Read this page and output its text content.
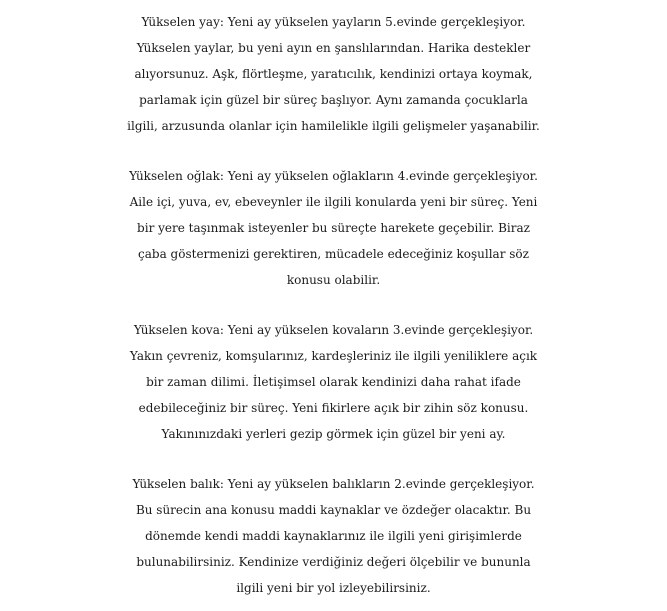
Yükselen yay: Yeni ay yükselen yayların 5.evinde gerçekleşiyor.
Yükselen yaylar, bu yeni ayın en şanslılarından. Harika destekler
alıyorsunuz. Aşk, flörtleşme, yaratıcılık, kendinizi ortaya koymak,
parlamak için güzel bir süreç başlıyor. Aynı zamanda çocuklarla
ilgili, arzusunda olanlar için hamilelikle ilgili gelişmeler yaşanabilir.

Yükselen oğlak: Yeni ay yükselen oğlakların 4.evinde gerçekleşiyor.
Aile içi, yuva, ev, ebeveynler ile ilgili konularda yeni bir süreç. Yeni
bir yere taşınmak isteyenler bu süreçte harekete geçebilir. Biraz
çaba göstermenizi gerektiren, mücadele edeceğiniz koşullar söz
konusu olabilir.

Yükselen kova: Yeni ay yükselen kovaların 3.evinde gerçekleşiyor.
Yakın çevreniz, komşularınız, kardeşleriniz ile ilgili yeniliklere açık
bir zaman dilimi. İletişimsel olarak kendinizi daha rahat ifade
edebileceğiniz bir süreç. Yeni fikirlere açık bir zihin söz konusu.
Yakınınızdaki yerleri gezip görmek için güzel bir yeni ay.

Yükselen balık: Yeni ay yükselen balıkların 2.evinde gerçekleşiyor.
Bu sürecin ana konusu maddi kaynaklar ve özdeğer olacaktır. Bu
dönemde kendi maddi kaynaklarınız ile ilgili yeni girişimlerde
bulunabilirsiniz. Kendinize verdiğiniz değeri ölçebilir ve bununla
ilgili yeni bir yol izleyebilirsiniz.
